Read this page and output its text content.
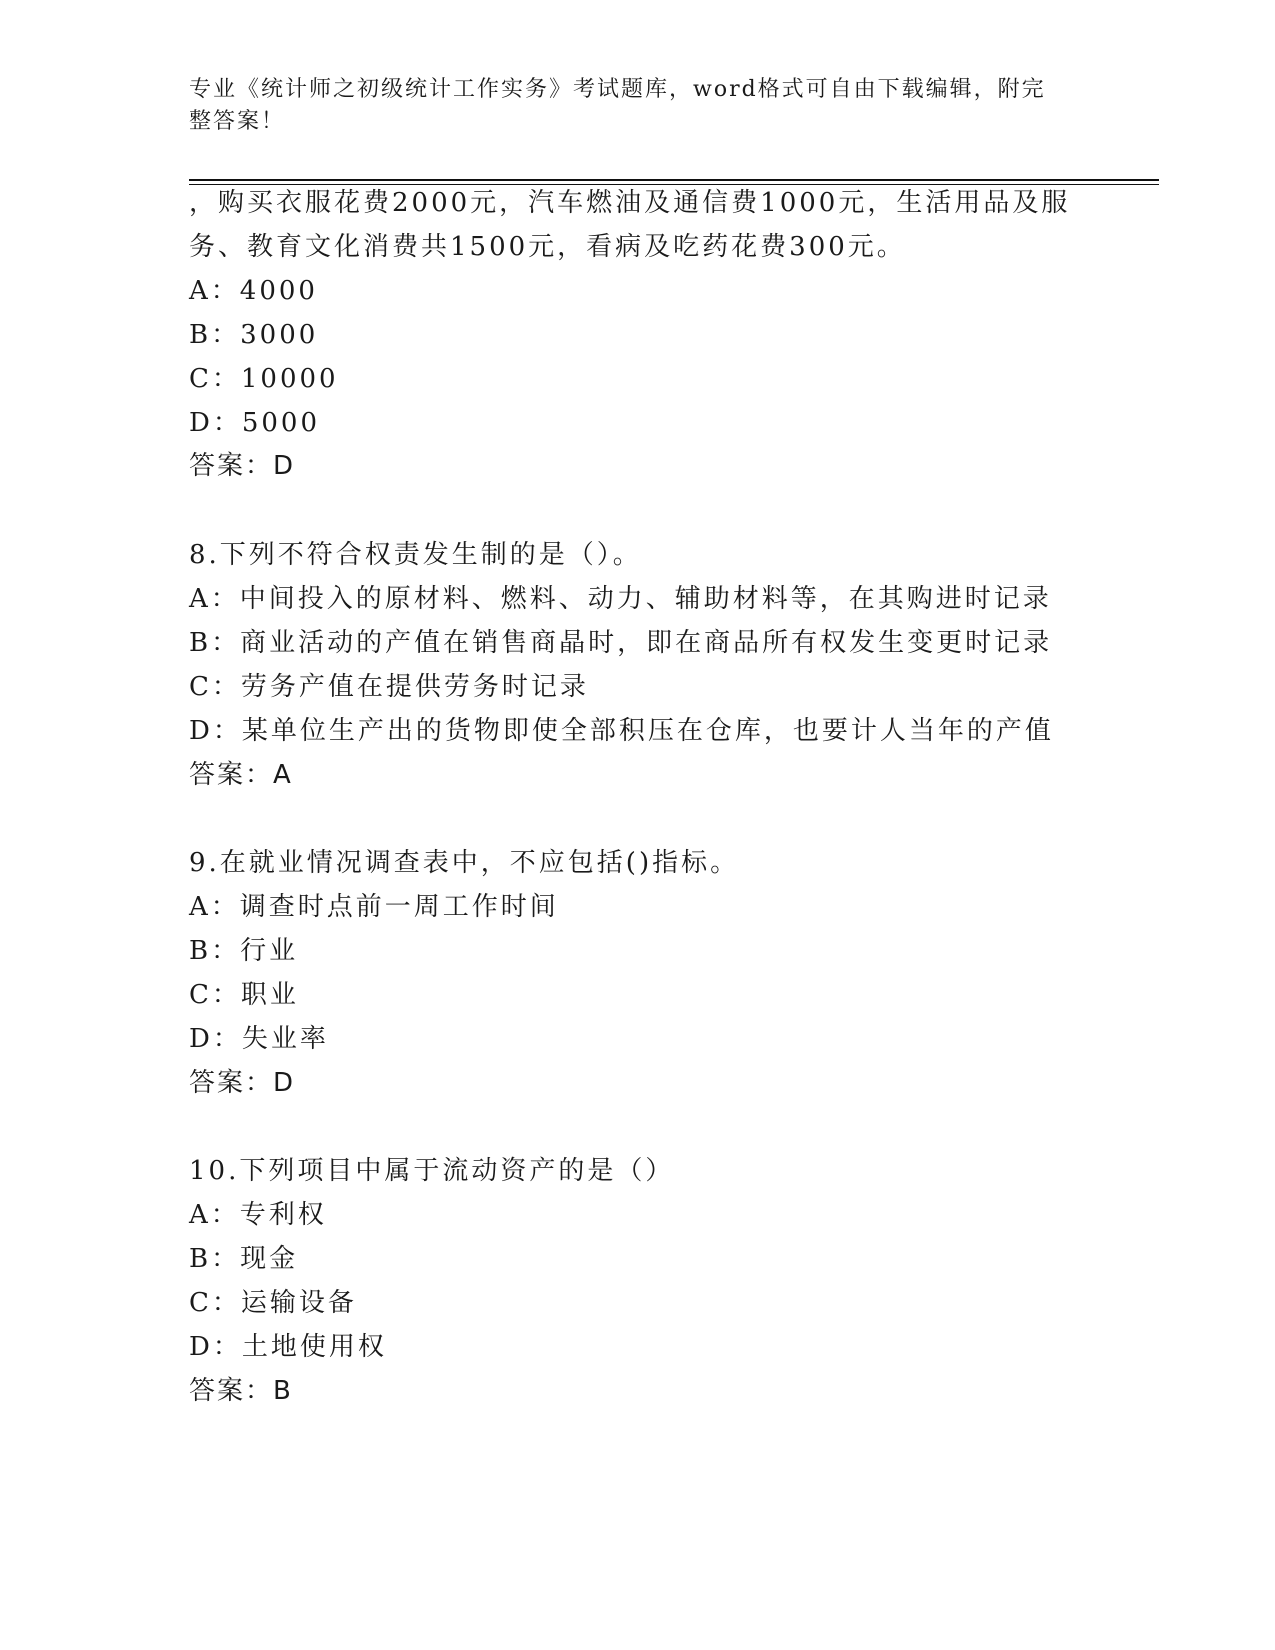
专业《统计师之初级统计工作实务》考试题库，word格式可自由下载编辑，附完整答案！
，购买衣服花费2000元，汽车燃油及通信费1000元，生活用品及服
务、教育文化消费共1500元，看病及吃药花费300元。
A：4000
B：3000
C：10000
D：5000
答案：D
8.下列不符合权责发生制的是（）。
A：中间投入的原材料、燃料、动力、辅助材料等，在其购进时记录
B：商业活动的产值在销售商晶时，即在商品所有权发生变更时记录
C：劳务产值在提供劳务时记录
D：某单位生产出的货物即使全部积压在仓库，也要计人当年的产值
答案：A
9.在就业情况调查表中，不应包括()指标。
A：调查时点前一周工作时间
B：行业
C：职业
D：失业率
答案：D
10.下列项目中属于流动资产的是（）
A：专利权
B：现金
C：运输设备
D：土地使用权
答案：B
